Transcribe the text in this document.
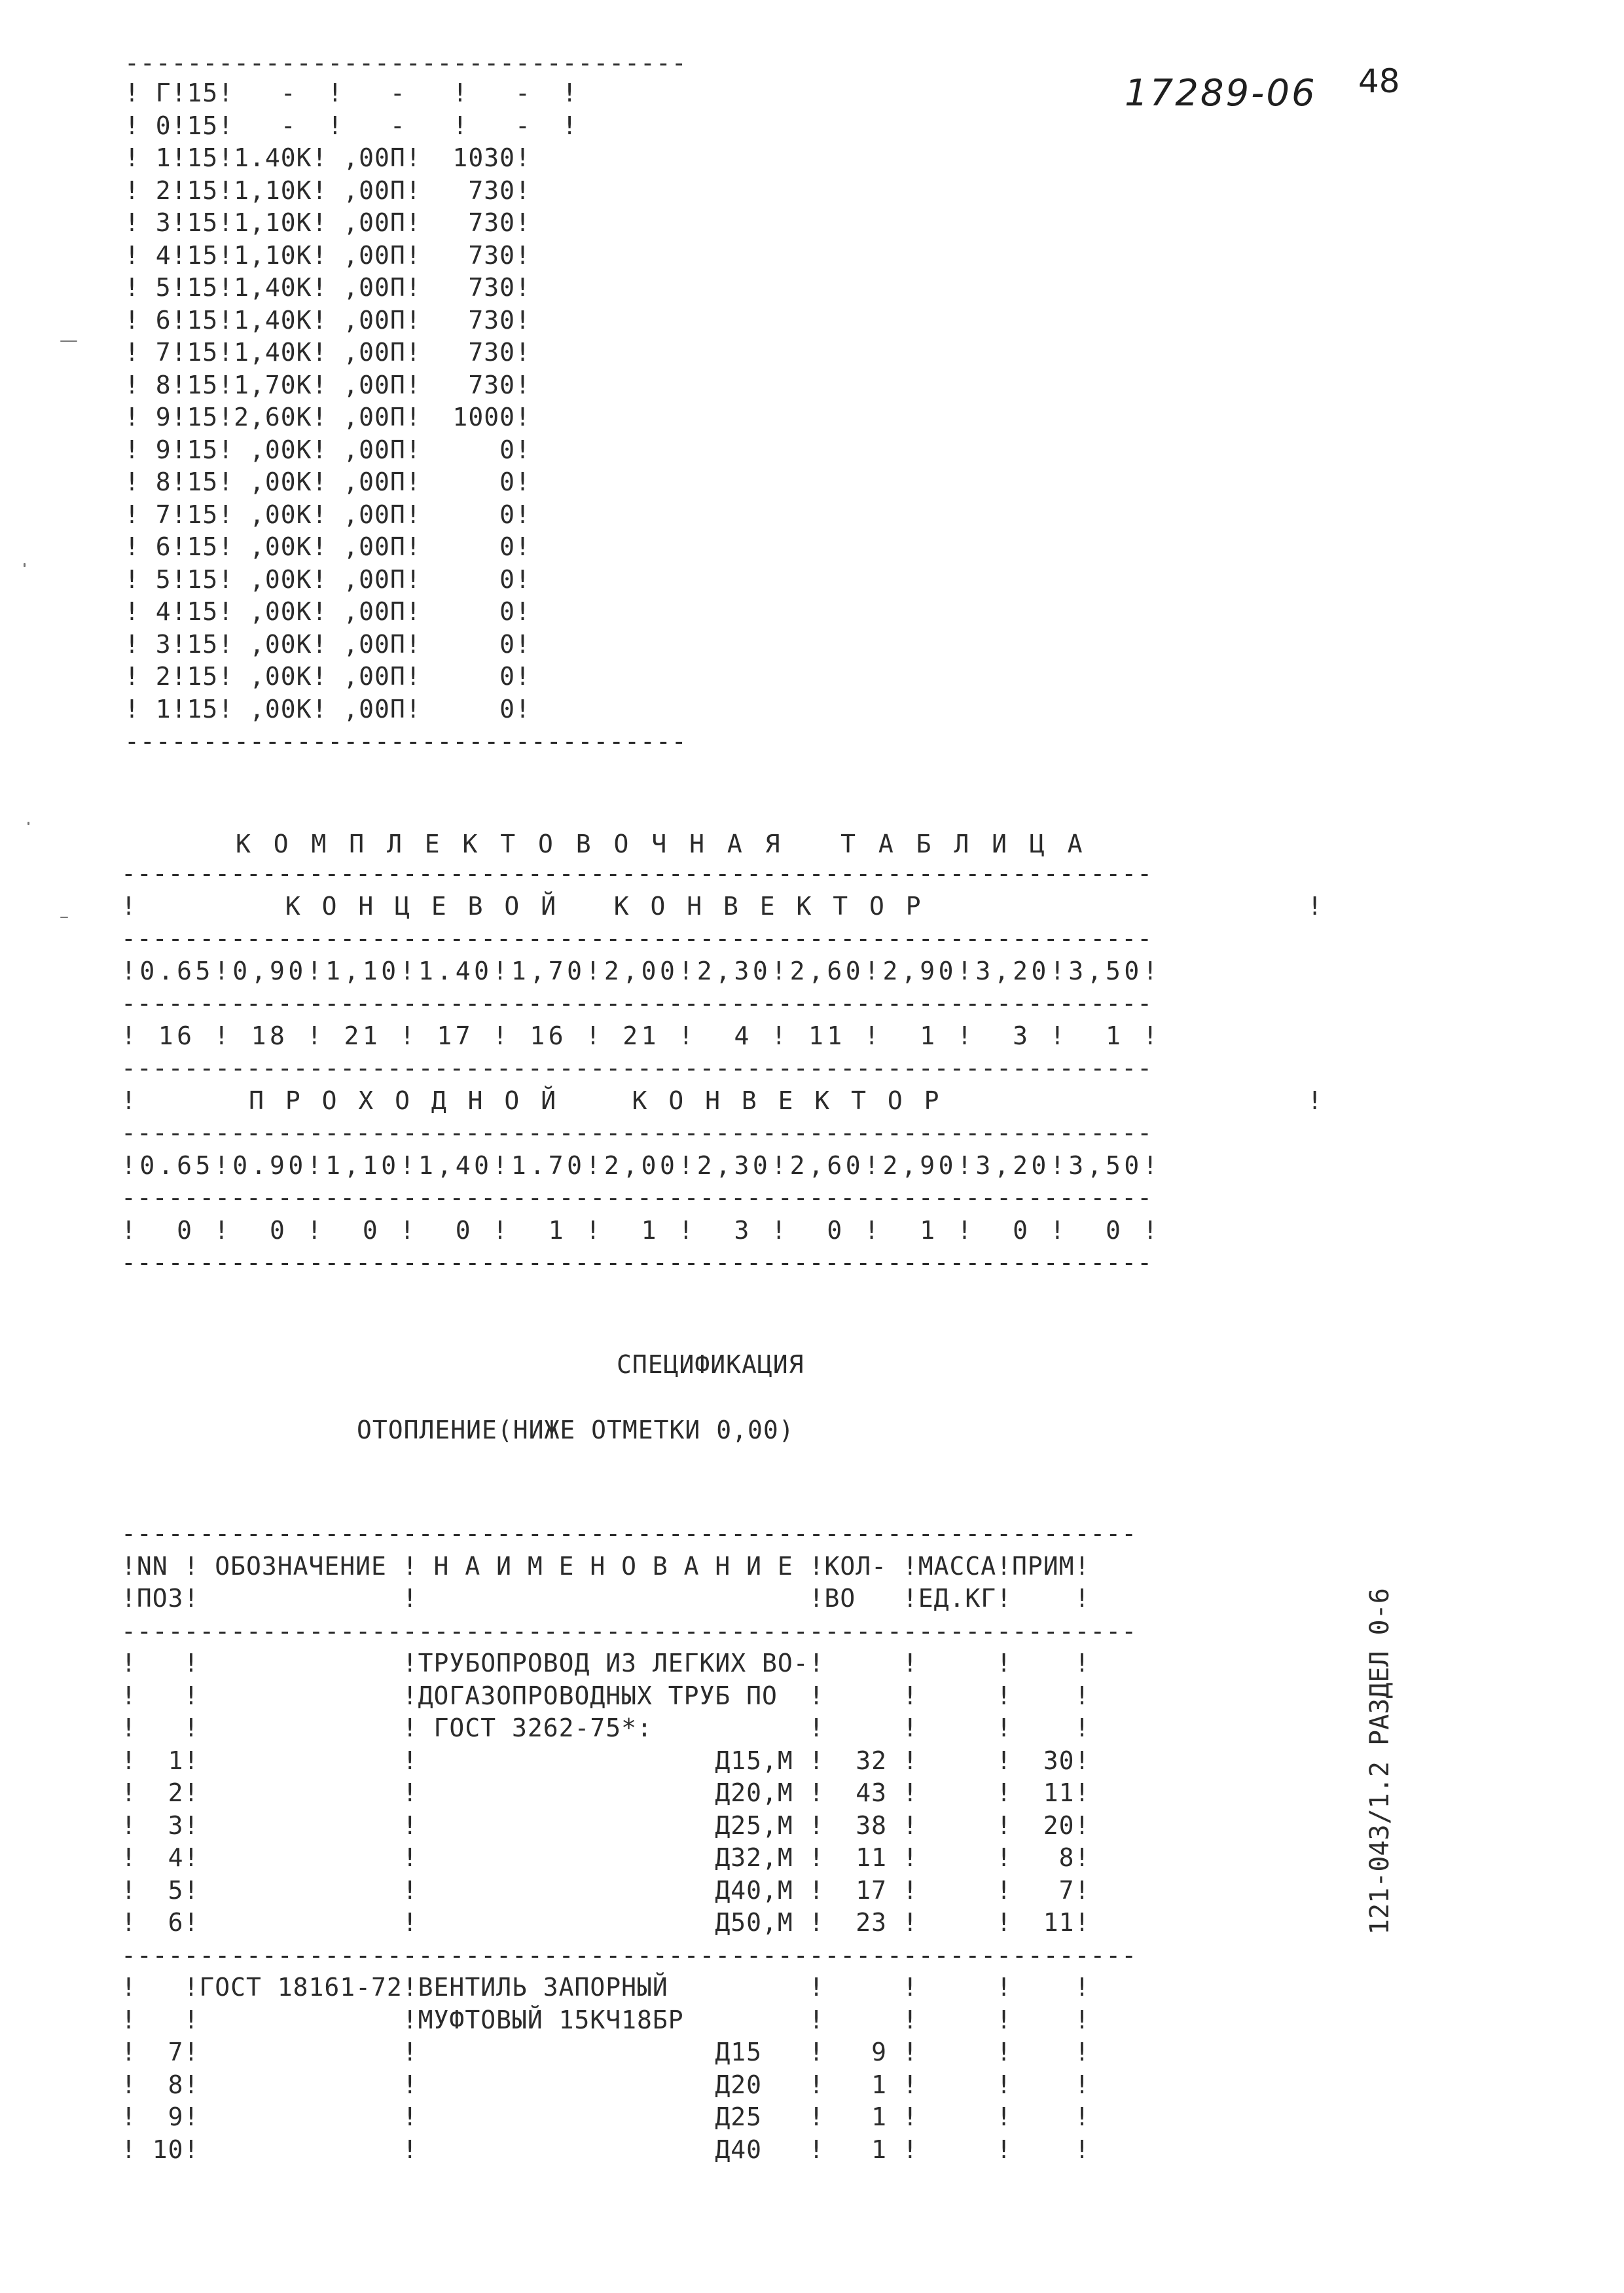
17289-06 48
------------------------------------
! Г!15!   -  !   -   !   -  !
! 0!15!   -  !   -   !   -  !
! 1!15!1.40К! ,00П!  1030!
! 2!15!1,10К! ,00П!   730!
! 3!15!1,10К! ,00П!   730!
! 4!15!1,10К! ,00П!   730!
! 5!15!1,40К! ,00П!   730!
! 6!15!1,40К! ,00П!   730!
! 7!15!1,40К! ,00П!   730!
! 8!15!1,70К! ,00П!   730!
! 9!15!2,60К! ,00П!  1000!
! 9!15! ,00К! ,00П!     0!
! 8!15! ,00К! ,00П!     0!
! 7!15! ,00К! ,00П!     0!
! 6!15! ,00К! ,00П!     0!
! 5!15! ,00К! ,00П!     0!
! 4!15! ,00К! ,00П!     0!
! 3!15! ,00К! ,00П!     0!
! 2!15! ,00К! ,00П!     0!
! 1!15! ,00К! ,00П!     0!
------------------------------------
К О М П Л Е К Т О В О Ч Н А Я   Т А Б Л И Ц А
------------------------------------------------------------------
!        К О Н Ц Е В О Й   К О Н В Е К Т О Р                     !
------------------------------------------------------------------
!0.65!0,90!1,10!1.40!1,70!2,00!2,30!2,60!2,90!3,20!3,50!
------------------------------------------------------------------
! 16 ! 18 ! 21 ! 17 ! 16 ! 21 !  4 ! 11 !  1 !  3 !  1 !
------------------------------------------------------------------
!      П Р О Х О Д Н О Й    К О Н В Е К Т О Р                    !
------------------------------------------------------------------
!0.65!0.90!1,10!1,40!1.70!2,00!2,30!2,60!2,90!3,20!3,50!
------------------------------------------------------------------
!  0 !  0 !  0 !  0 !  1 !  1 !  3 !  0 !  1 !  0 !  0 !
------------------------------------------------------------------
СПЕЦИФИКАЦИЯ
ОТОПЛЕНИЕ(НИЖЕ ОТМЕТКИ 0,00)
-----------------------------------------------------------------
!NN ! ОБОЗНАЧЕНИЕ ! Н А И М Е Н О В А Н И Е !КОЛ- !МАССА!ПРИМ!
!ПОЗ!             !                         !ВО   !ЕД.КГ!    !
-----------------------------------------------------------------
!   !             !ТРУБОПРОВОД ИЗ ЛЕГКИХ ВО-!     !     !    !
!   !             !ДОГАЗОПРОВОДНЫХ ТРУБ ПО  !     !     !    !
!   !             ! ГОСТ 3262-75*:          !     !     !    !
!  1!             !                   Д15,М !  32 !     !  30!
!  2!             !                   Д20,М !  43 !     !  11!
!  3!             !                   Д25,М !  38 !     !  20!
!  4!             !                   Д32,М !  11 !     !   8!
!  5!             !                   Д40,М !  17 !     !   7!
!  6!             !                   Д50,М !  23 !     !  11!
-----------------------------------------------------------------
!   !ГОСТ 18161-72!ВЕНТИЛЬ ЗАПОРНЫЙ         !     !     !    !
!   !             !МУФТОВЫЙ 15КЧ18БР        !     !     !    !
!  7!             !                   Д15   !   9 !     !    !
!  8!             !                   Д20   !   1 !     !    !
!  9!             !                   Д25   !   1 !     !    !
! 10!             !                   Д40   !   1 !     !    !
121-043/1.2 РАЗДЕЛ 0-6
